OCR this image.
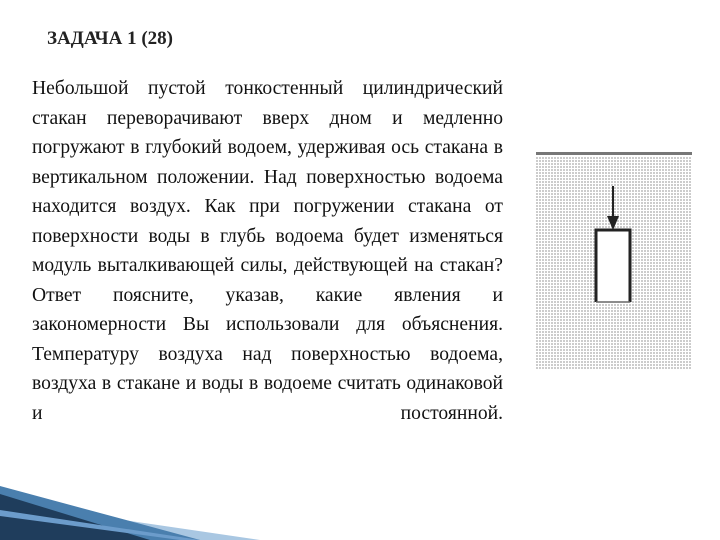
ЗАДАЧА 1 (28)

Небольшой пустой тонкостенный цилиндрический стакан переворачивают вверх дном и медленно погружают в глубокий водоем, удерживая ось стакана в вертикальном положении. Над поверхностью водоема находится воздух. Как при погружении стакана от поверхности воды в глубь водоема будет изменяться модуль выталкивающей силы, действующей на стакан? Ответ поясните, указав, какие явления и закономерности Вы использовали для объяснения. Температуру воздуха над поверхностью водоема, воздуха в стакане и воды в водоеме считать одинаковой и постоянной.
